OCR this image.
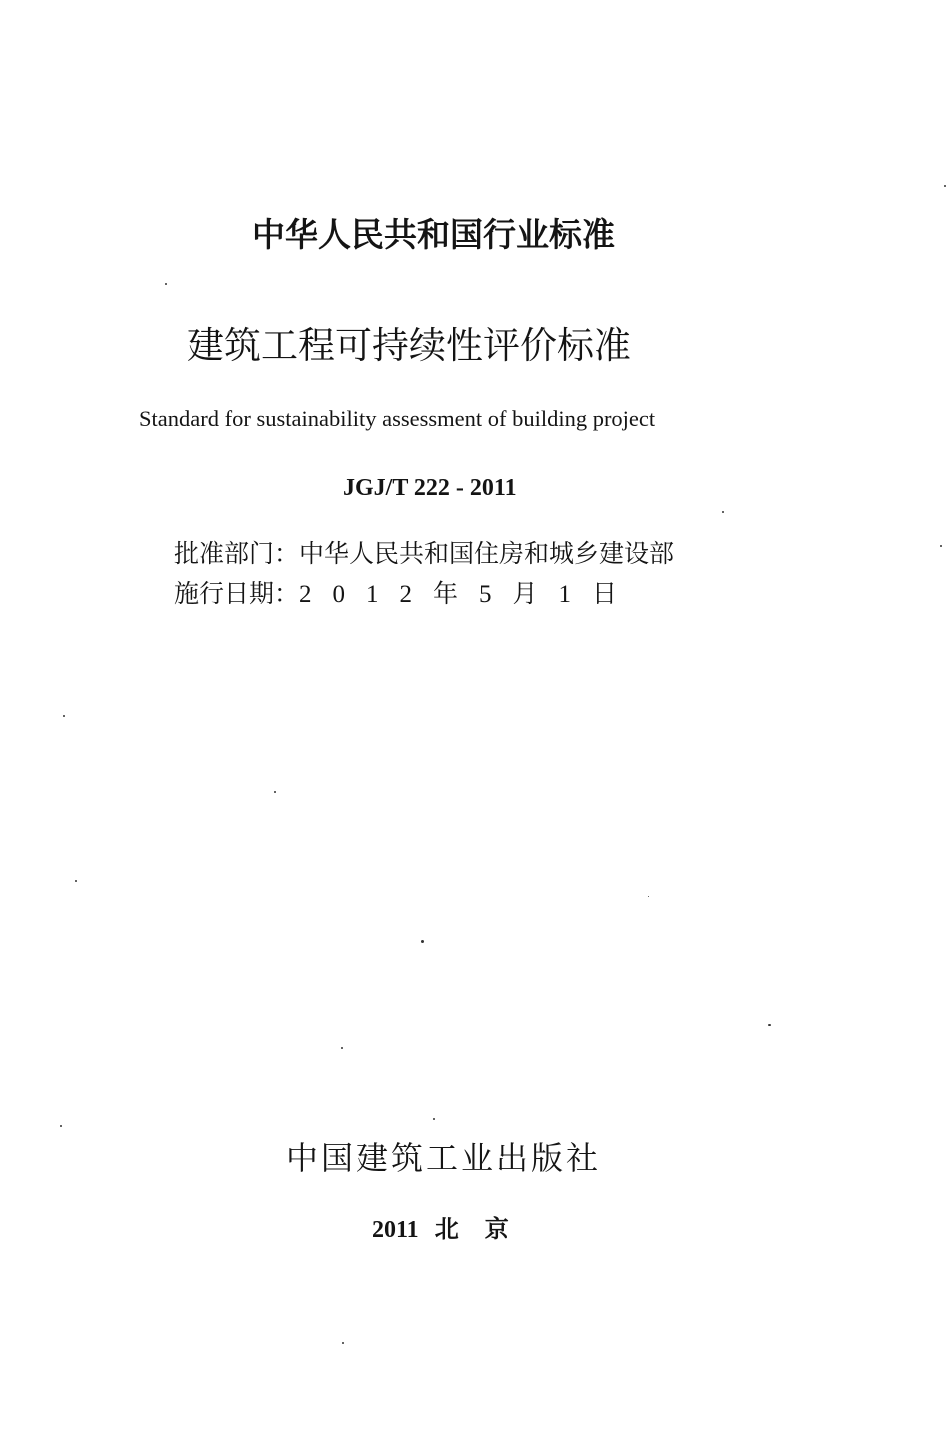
中华人民共和国行业标准
建筑工程可持续性评价标准
Standard for sustainability assessment of building project
JGJ/T 222 - 2011
批准部门：中华人民共和国住房和城乡建设部
施行日期：2012年5月1日
中国建筑工业出版社
2011 北 京
